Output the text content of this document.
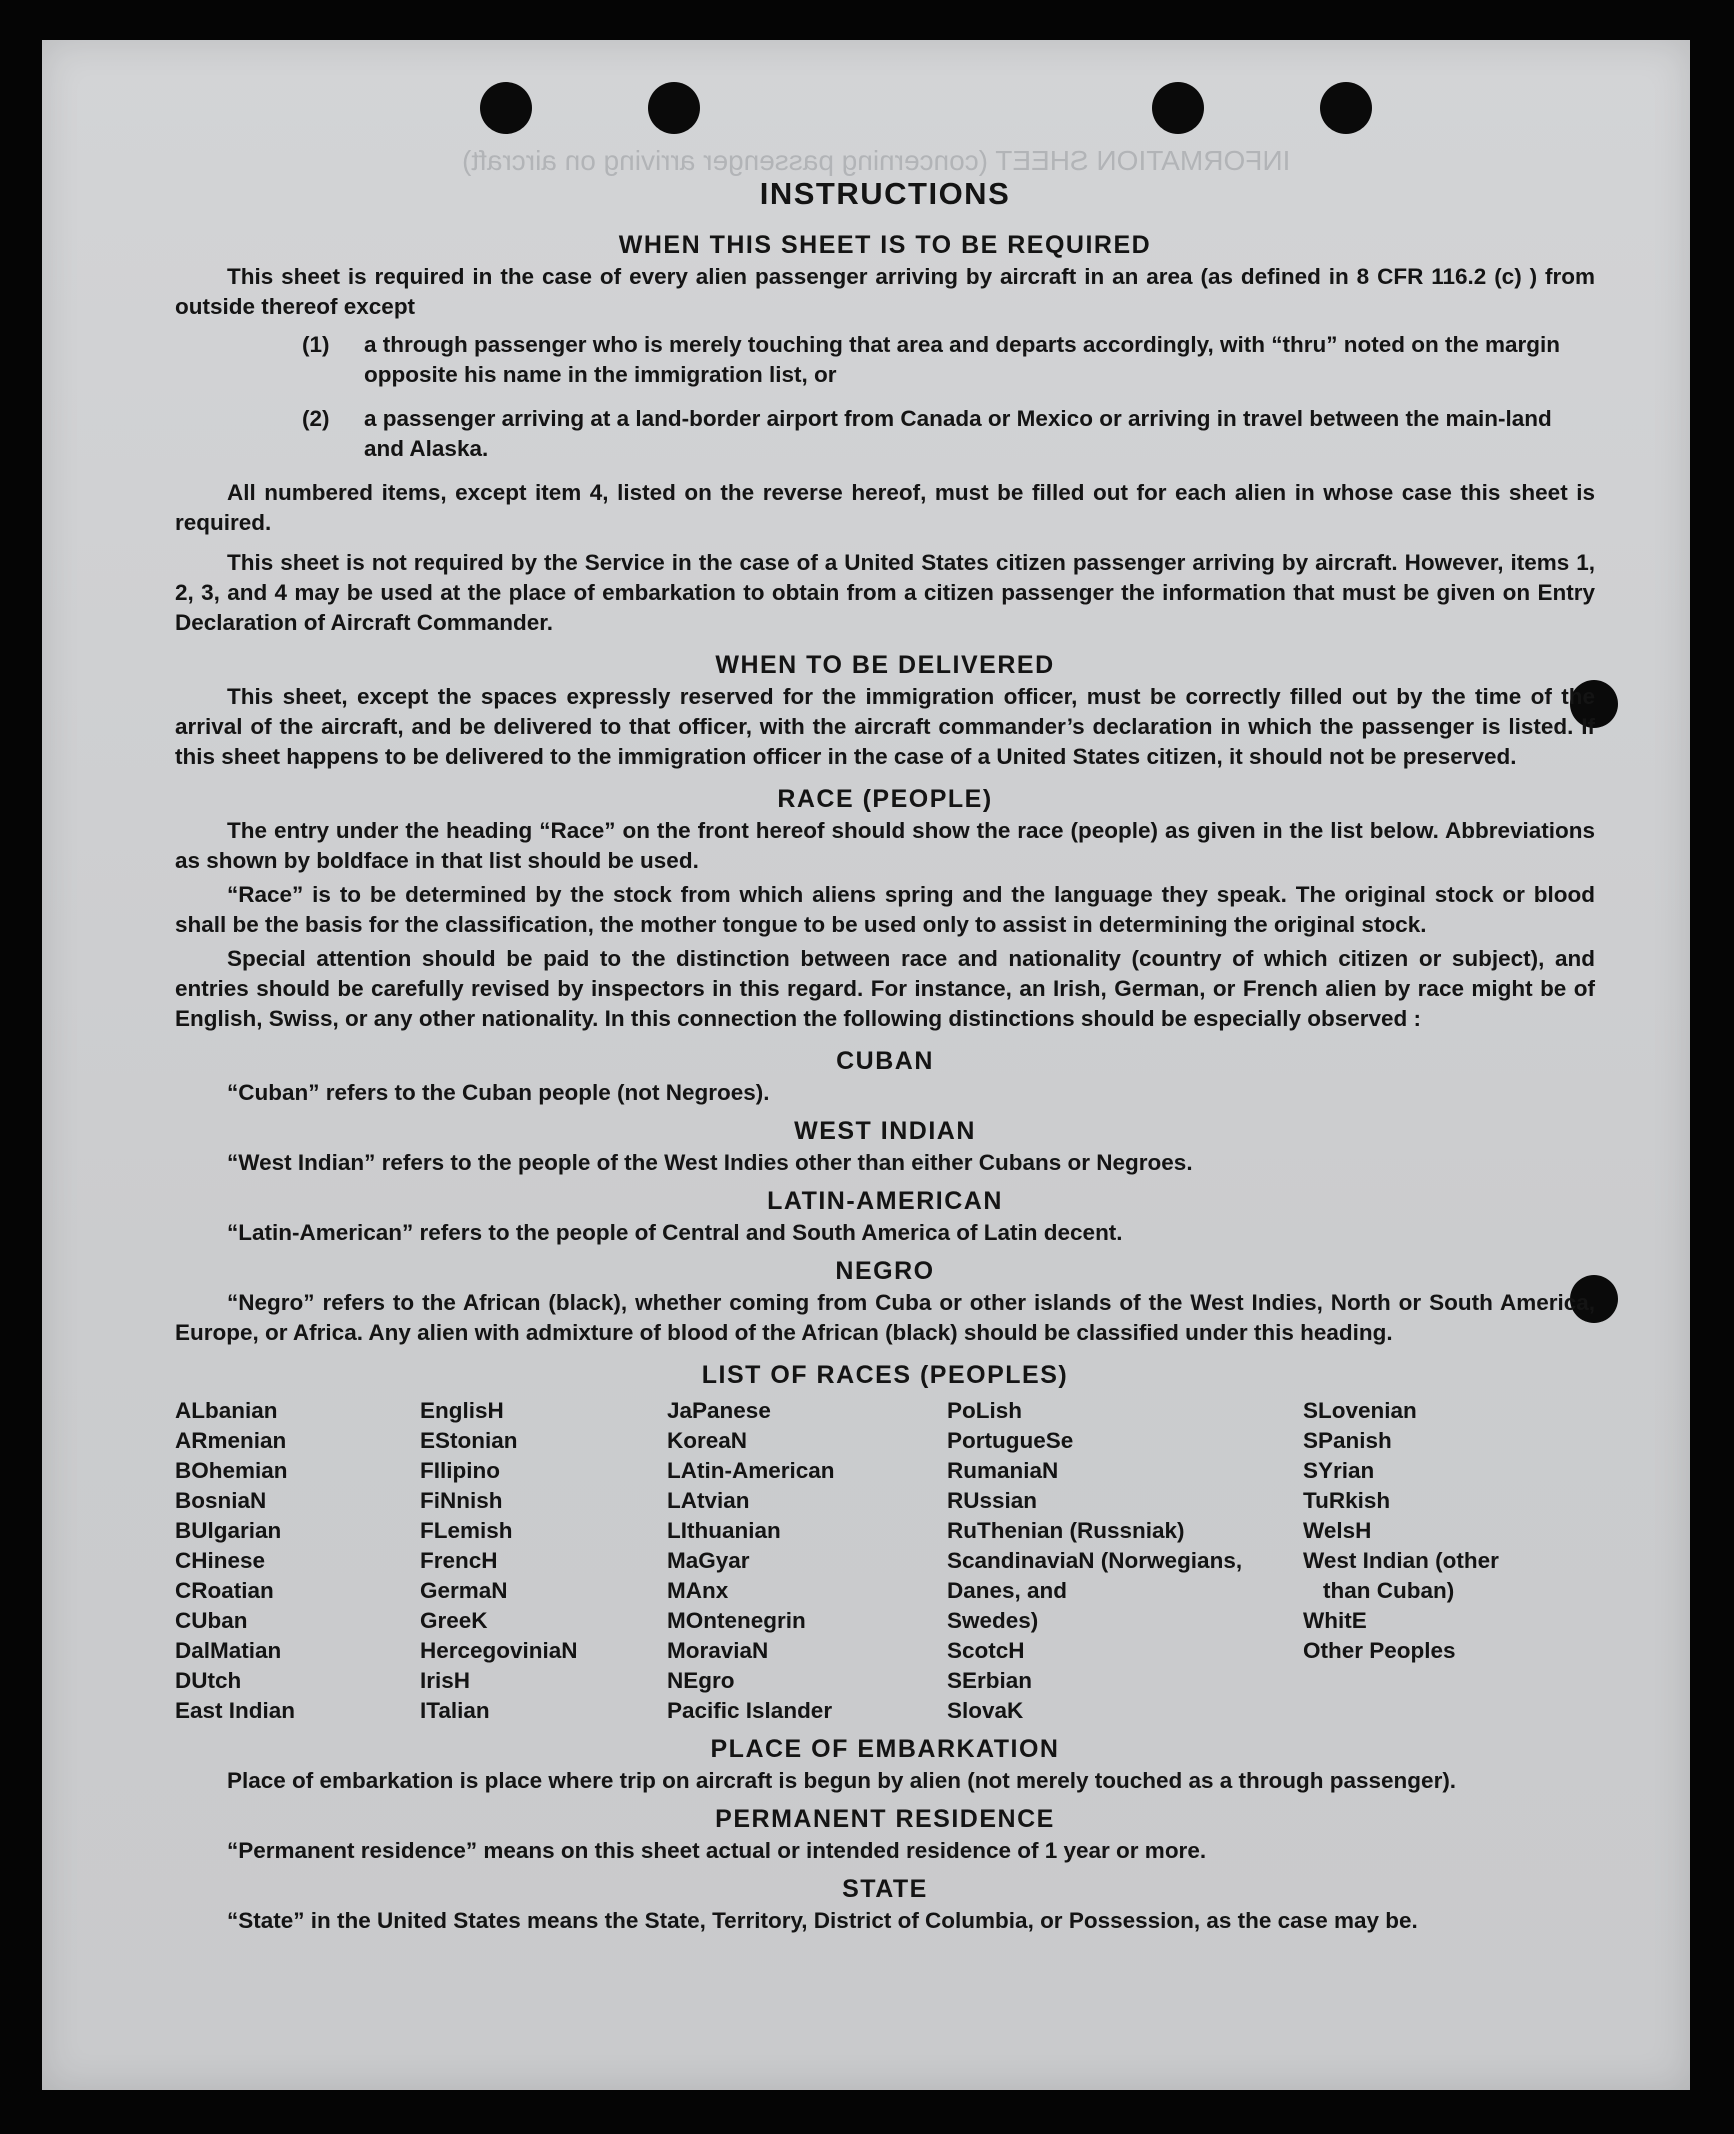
INFORMATION SHEET (concerning passenger arriving on aircraft)
INSTRUCTIONS
WHEN THIS SHEET IS TO BE REQUIRED

This sheet is required in the case of every alien passenger arriving by aircraft in an area (as defined in 8 CFR 116.2 (c) ) from outside thereof except

(1)	a through passenger who is merely touching that area and departs accordingly, with “thru” noted on the margin opposite his name in the immigration list, or
(2)	a passenger arriving at a land-border airport from Canada or Mexico or arriving in travel between the main-land and Alaska.

All numbered items, except item 4, listed on the reverse hereof, must be filled out for each alien in whose case this sheet is required.

This sheet is not required by the Service in the case of a United States citizen passenger arriving by aircraft. However, items 1, 2, 3, and 4 may be used at the place of embarkation to obtain from a citizen passenger the information that must be given on Entry Declaration of Aircraft Commander.

WHEN TO BE DELIVERED

This sheet, except the spaces expressly reserved for the immigration officer, must be correctly filled out by the time of the arrival of the aircraft, and be delivered to that officer, with the aircraft commander’s declaration in which the passenger is listed. If this sheet happens to be delivered to the immigration officer in the case of a United States citizen, it should not be preserved.

RACE (PEOPLE)

The entry under the heading “Race” on the front hereof should show the race (people) as given in the list below. Abbreviations as shown by boldface in that list should be used.

“Race” is to be determined by the stock from which aliens spring and the language they speak. The original stock or blood shall be the basis for the classification, the mother tongue to be used only to assist in determining the original stock.

Special attention should be paid to the distinction between race and nationality (country of which citizen or subject), and entries should be carefully revised by inspectors in this regard. For instance, an Irish, German, or French alien by race might be of English, Swiss, or any other nationality. In this connection the following distinctions should be especially observed :

CUBAN

“Cuban” refers to the Cuban people (not Negroes).

WEST INDIAN

“West Indian” refers to the people of the West Indies other than either Cubans or Negroes.

LATIN-AMERICAN

“Latin-American” refers to the people of Central and South America of Latin decent.

NEGRO

“Negro” refers to the African (black), whether coming from Cuba or other islands of the West Indies, North or South America, Europe, or Africa. Any alien with admixture of blood of the African (black) should be classified under this heading.

LIST OF RACES (PEOPLES)
ALbanian
ARmenian
BOhemian
BosniaN
BUlgarian
CHinese
CRoatian
CUban
DalMatian
DUtch
East Indian
EnglisH
EStonian
FIlipino
FiNnish
FLemish
FrencH
GermaN
GreeK
HercegoviniaN
IrisH
ITalian
JaPanese
KoreaN
LAtin-American
LAtvian
LIthuanian
MaGyar
MAnx
MOntenegrin
MoraviaN
NEgro
Pacific Islander
PoLish
PortugueSe
RumaniaN
RUssian
RuThenian (Russniak)
ScandinaviaN (Norwegians,
Danes, and
Swedes)
ScotcH
SErbian
SlovaK
SLovenian
SPanish
SYrian
TuRkish
WelsH
West Indian (other
than Cuban)
WhitE
Other Peoples
PLACE OF EMBARKATION

Place of embarkation is place where trip on aircraft is begun by alien (not merely touched as a through passenger).

PERMANENT RESIDENCE

“Permanent residence” means on this sheet actual or intended residence of 1 year or more.

STATE

“State” in the United States means the State, Territory, District of Columbia, or Possession, as the case may be.
